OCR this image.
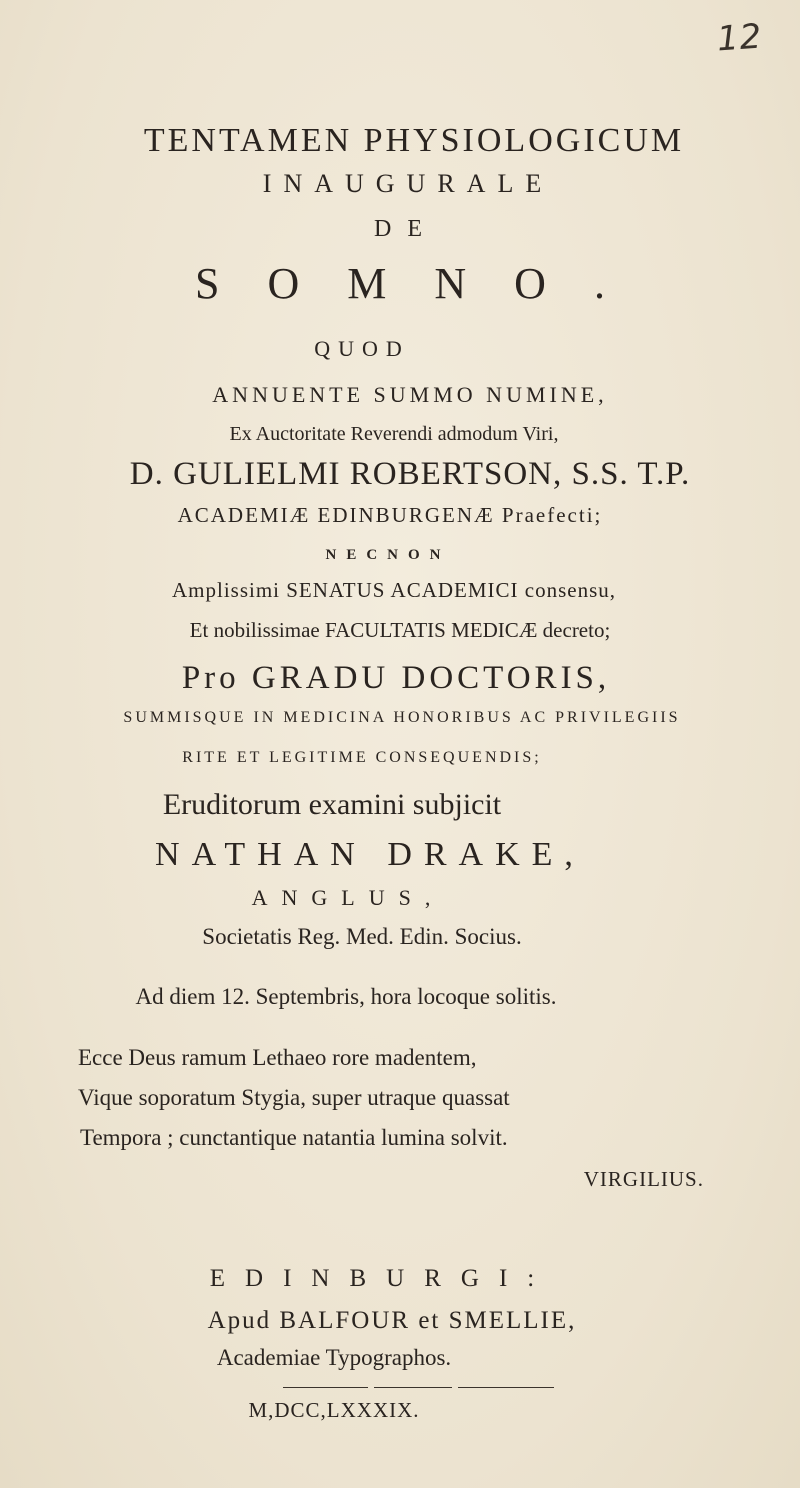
12
TENTAMEN PHYSIOLOGICUM
INAUGURALE
DE
SOMNO.
QUOD
ANNUENTE SUMMO NUMINE,
Ex Auctoritate Reverendi admodum Viri,
D. GULIELMI ROBERTSON, S.S. T.P.
ACADEMIÆ EDINBURGENÆ Praefecti;
NECNON
Amplissimi SENATUS ACADEMICI consensu,
Et nobilissimae FACULTATIS MEDICÆ decreto;
Pro GRADU DOCTORIS,
SUMMISQUE IN MEDICINA HONORIBUS AC PRIVILEGIIS
RITE ET LEGITIME CONSEQUENDIS;
Eruditorum examini subjicit
NATHAN DRAKE,
ANGLUS,
Societatis Reg. Med. Edin. Socius.
Ad diem 12. Septembris, hora locoque solitis.
Ecce Deus ramum Lethaeo rore madentem,
Vique soporatum Stygia, super utraque quassat
Tempora ; cunctantique natantia lumina solvit.
VIRGILIUS.
EDINBURGI:
Apud BALFOUR et SMELLIE,
Academiae Typographos.
M,DCC,LXXXIX.
